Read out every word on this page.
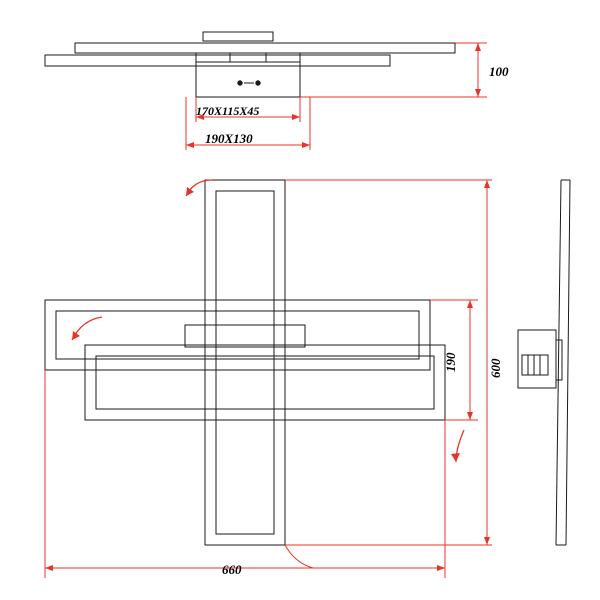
100
170X115X45
190X130
190 600
660
